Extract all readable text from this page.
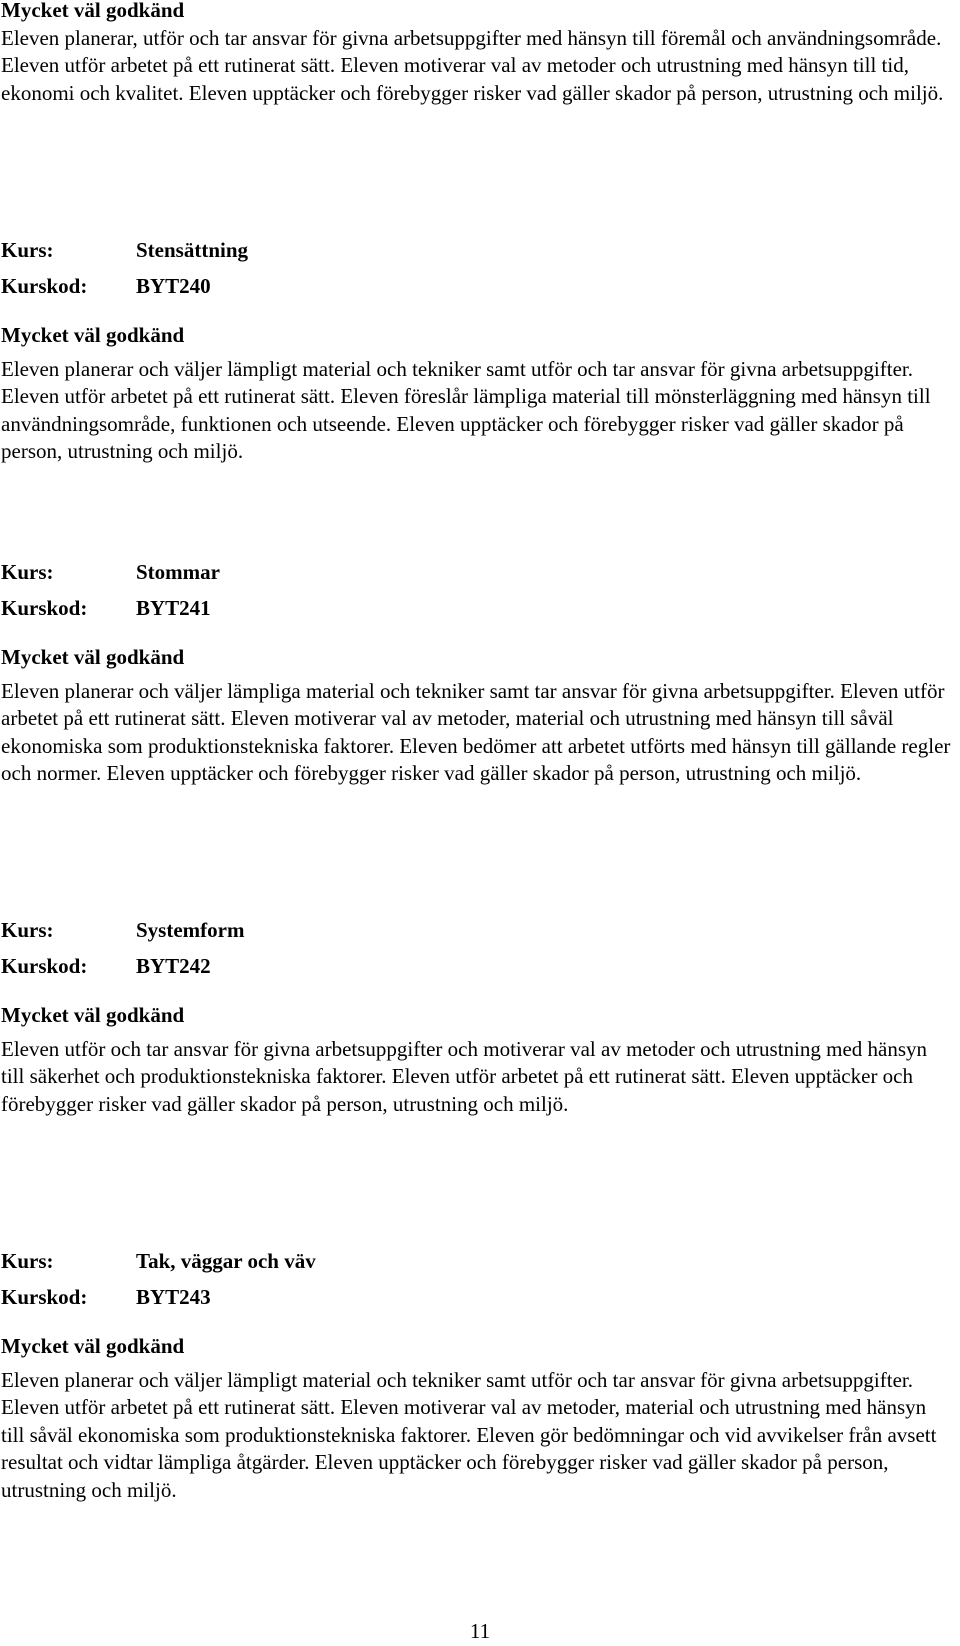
Mycket väl godkänd

Eleven planerar, utför och tar ansvar för givna arbetsuppgifter med hänsyn till föremål och användningsområde. Eleven utför arbetet på ett rutinerat sätt. Eleven motiverar val av metoder och utrustning med hänsyn till tid, ekonomi och kvalitet. Eleven upptäcker och förebygger risker vad gäller skador på person, utrustning och miljö.

Kurs:	Stensättning
Kurskod:	BYT240

Mycket väl godkänd

Eleven planerar och väljer lämpligt material och tekniker samt utför och tar ansvar för givna arbetsuppgifter. Eleven utför arbetet på ett rutinerat sätt. Eleven föreslår lämpliga material till mönsterläggning med hänsyn till användningsområde, funktionen och utseende. Eleven upptäcker och förebygger risker vad gäller skador på person, utrustning och miljö.

Kurs:	Stommar
Kurskod:	BYT241

Mycket väl godkänd

Eleven planerar och väljer lämpliga material och tekniker samt tar ansvar för givna arbetsuppgifter. Eleven utför arbetet på ett rutinerat sätt. Eleven motiverar val av metoder, material och utrustning med hänsyn till såväl ekonomiska som produktionstekniska faktorer. Eleven bedömer att arbetet utförts med hänsyn till gällande regler och normer. Eleven upptäcker och förebygger risker vad gäller skador på person, utrustning och miljö.

Kurs:	Systemform
Kurskod:	BYT242

Mycket väl godkänd

Eleven utför och tar ansvar för givna arbetsuppgifter och motiverar val av metoder och utrustning med hänsyn till säkerhet och produktionstekniska faktorer. Eleven utför arbetet på ett rutinerat sätt. Eleven upptäcker och förebygger risker vad gäller skador på person, utrustning och miljö.

Kurs:	Tak, väggar och väv
Kurskod:	BYT243

Mycket väl godkänd

Eleven planerar och väljer lämpligt material och tekniker samt utför och tar ansvar för givna arbetsuppgifter. Eleven utför arbetet på ett rutinerat sätt. Eleven motiverar val av metoder, material och utrustning med hänsyn till såväl ekonomiska som produktionstekniska faktorer. Eleven gör bedömningar och vid avvikelser från avsett resultat och vidtar lämpliga åtgärder. Eleven upptäcker och förebygger risker vad gäller skador på person, utrustning och miljö.

11
